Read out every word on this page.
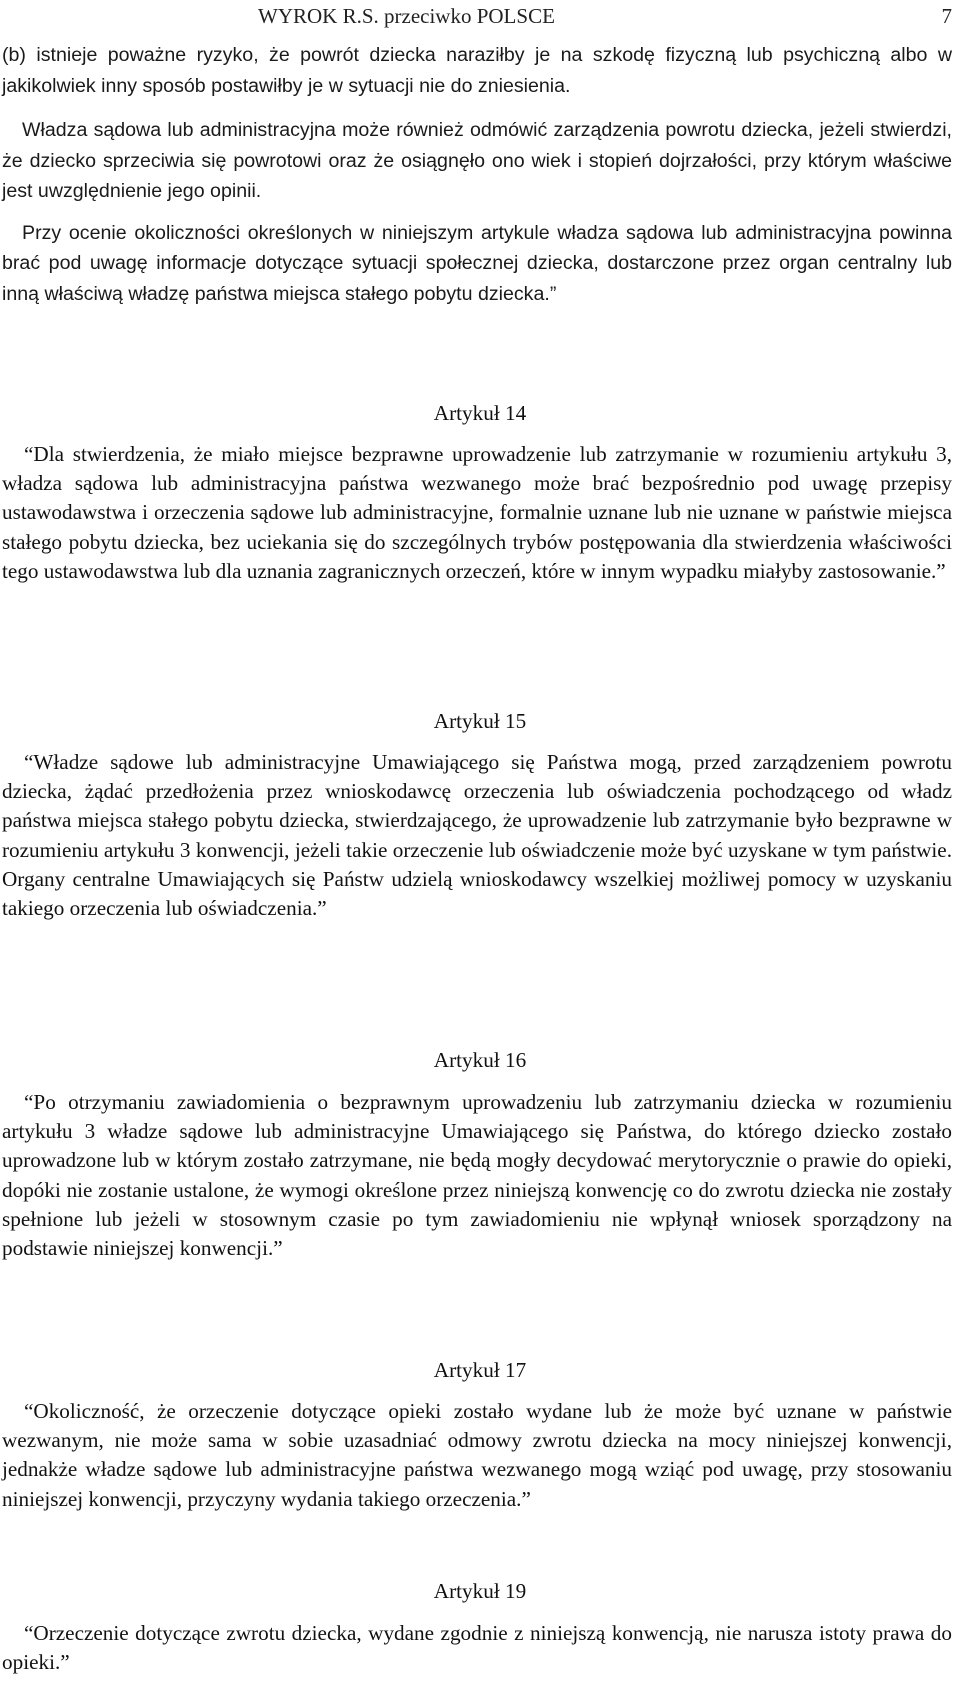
WYROK R.S. przeciwko POLSCE	7

(b) istnieje poważne ryzyko, że powrót dziecka naraziłby je na szkodę fizyczną lub psychiczną albo w jakikolwiek inny sposób postawiłby je w sytuacji nie do zniesienia.

Władza sądowa lub administracyjna może również odmówić zarządzenia powrotu dziecka, jeżeli stwierdzi, że dziecko sprzeciwia się powrotowi oraz że osiągnęło ono wiek i stopień dojrzałości, przy którym właściwe jest uwzględnienie jego opinii.

Przy ocenie okoliczności określonych w niniejszym artykule władza sądowa lub administracyjna powinna brać pod uwagę informacje dotyczące sytuacji społecznej dziecka, dostarczone przez organ centralny lub inną właściwą władzę państwa miejsca stałego pobytu dziecka.”

Artykuł 14

“Dla stwierdzenia, że miało miejsce bezprawne uprowadzenie lub zatrzymanie w rozumieniu artykułu 3, władza sądowa lub administracyjna państwa wezwanego może brać bezpośrednio pod uwagę przepisy ustawodawstwa i orzeczenia sądowe lub administracyjne, formalnie uznane lub nie uznane w państwie miejsca stałego pobytu dziecka, bez uciekania się do szczególnych trybów postępowania dla stwierdzenia właściwości tego ustawodawstwa lub dla uznania zagranicznych orzeczeń, które w innym wypadku miałyby zastosowanie.”

Artykuł 15

“Władze sądowe lub administracyjne Umawiającego się Państwa mogą, przed zarządzeniem powrotu dziecka, żądać przedłożenia przez wnioskodawcę orzeczenia lub oświadczenia pochodzącego od władz państwa miejsca stałego pobytu dziecka, stwierdzającego, że uprowadzenie lub zatrzymanie było bezprawne w rozumieniu artykułu 3 konwencji, jeżeli takie orzeczenie lub oświadczenie może być uzyskane w tym państwie. Organy centralne Umawiających się Państw udzielą wnioskodawcy wszelkiej możliwej pomocy w uzyskaniu takiego orzeczenia lub oświadczenia.”

Artykuł 16

“Po otrzymaniu zawiadomienia o bezprawnym uprowadzeniu lub zatrzymaniu dziecka w rozumieniu artykułu 3 władze sądowe lub administracyjne Umawiającego się Państwa, do którego dziecko zostało uprowadzone lub w którym zostało zatrzymane, nie będą mogły decydować merytorycznie o prawie do opieki, dopóki nie zostanie ustalone, że wymogi określone przez niniejszą konwencję co do zwrotu dziecka nie zostały spełnione lub jeżeli w stosownym czasie po tym zawiadomieniu nie wpłynął wniosek sporządzony na podstawie niniejszej konwencji.”

Artykuł 17

“Okoliczność, że orzeczenie dotyczące opieki zostało wydane lub że może być uznane w państwie wezwanym, nie może sama w sobie uzasadniać odmowy zwrotu dziecka na mocy niniejszej konwencji, jednakże władze sądowe lub administracyjne państwa wezwanego mogą wziąć pod uwagę, przy stosowaniu niniejszej konwencji, przyczyny wydania takiego orzeczenia.”

Artykuł 19

“Orzeczenie dotyczące zwrotu dziecka, wydane zgodnie z niniejszą konwencją, nie narusza istoty prawa do opieki.”
